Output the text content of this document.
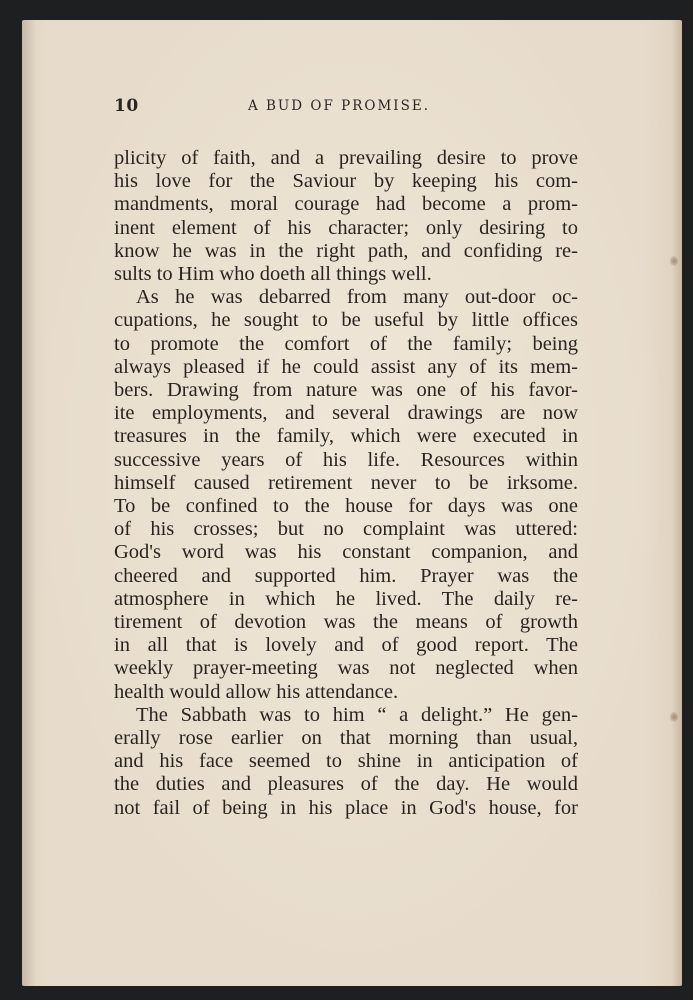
10	A BUD OF PROMISE.

plicity of faith, and a prevailing desire to prove
his love for the Saviour by keeping his com-
mandments, moral courage had become a prom-
inent element of his character; only desiring to
know he was in the right path, and confiding re-
sults to Him who doeth all things well.

As he was debarred from many out-door oc-
cupations, he sought to be useful by little offices
to promote the comfort of the family; being
always pleased if he could assist any of its mem-
bers. Drawing from nature was one of his favor-
ite employments, and several drawings are now
treasures in the family, which were executed in
successive years of his life. Resources within
himself caused retirement never to be irksome.
To be confined to the house for days was one
of his crosses; but no complaint was uttered:
God's word was his constant companion, and
cheered and supported him. Prayer was the
atmosphere in which he lived. The daily re-
tirement of devotion was the means of growth
in all that is lovely and of good report. The
weekly prayer-meeting was not neglected when
health would allow his attendance.

The Sabbath was to him “ a delight.” He gen-
erally rose earlier on that morning than usual,
and his face seemed to shine in anticipation of
the duties and pleasures of the day. He would
not fail of being in his place in God's house, for
